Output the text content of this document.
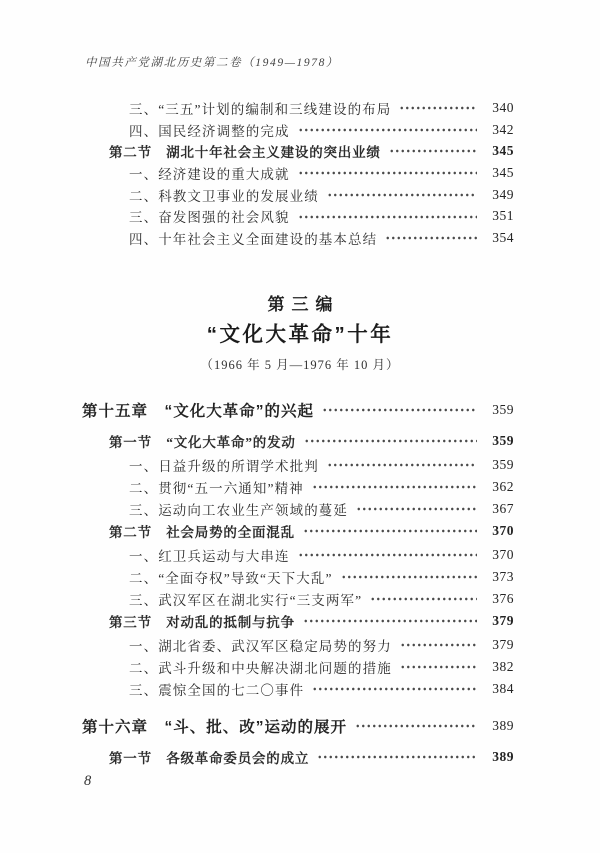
中国共产党湖北历史第二卷（1949—1978）
三、“三五”计划的编制和三线建设的布局	340
四、国民经济调整的完成	342
第二节　湖北十年社会主义建设的突出业绩	345
一、经济建设的重大成就	345
二、科教文卫事业的发展业绩	349
三、奋发图强的社会风貌	351
四、十年社会主义全面建设的基本总结	354
第三编
“文化大革命”十年
（1966 年 5 月—1976 年 10 月）
第十五章　“文化大革命”的兴起	359
第一节　“文化大革命”的发动	359
一、日益升级的所谓学术批判	359
二、贯彻“五一六通知”精神	362
三、运动向工农业生产领域的蔓延	367
第二节　社会局势的全面混乱	370
一、红卫兵运动与大串连	370
二、“全面夺权”导致“天下大乱”	373
三、武汉军区在湖北实行“三支两军”	376
第三节　对动乱的抵制与抗争	379
一、湖北省委、武汉军区稳定局势的努力	379
二、武斗升级和中央解决湖北问题的措施	382
三、震惊全国的七二〇事件	384
第十六章　“斗、批、改”运动的展开	389
第一节　各级革命委员会的成立	389
8
